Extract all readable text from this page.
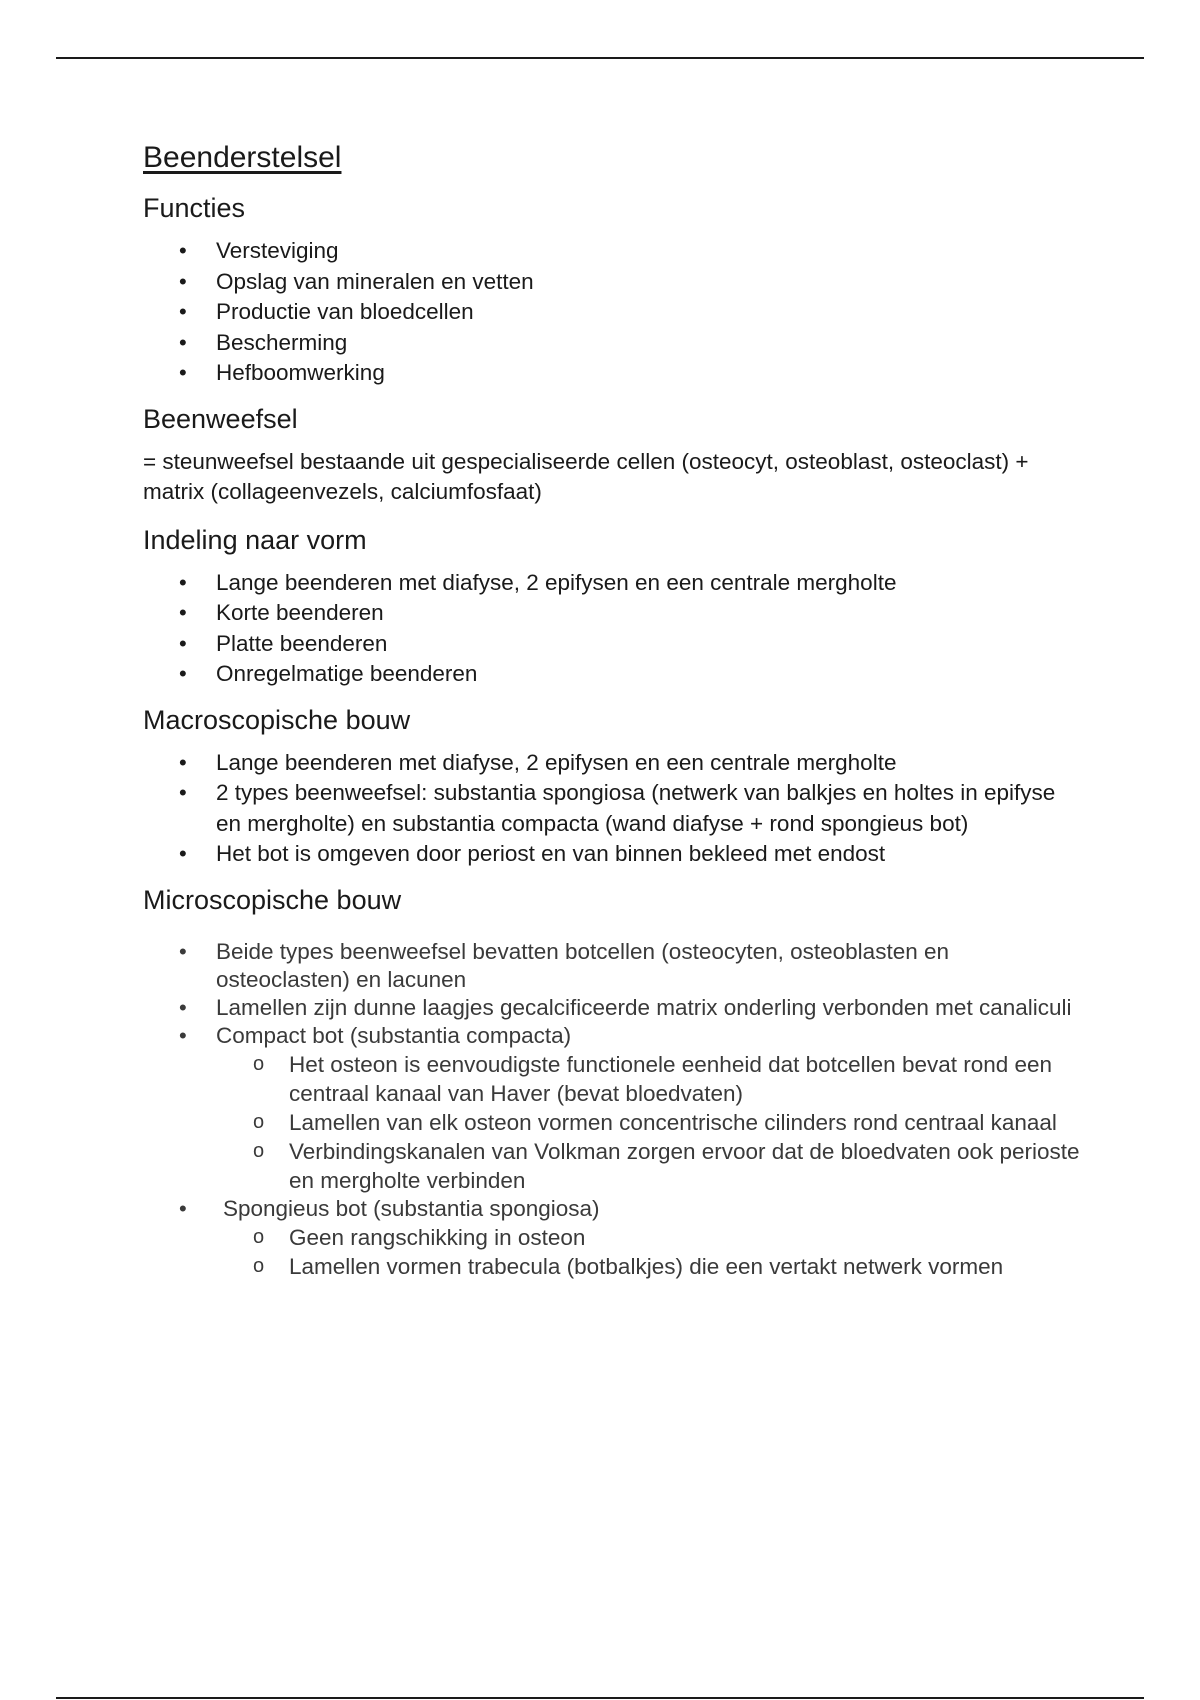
Beenderstelsel
Functies
• Versteviging
• Opslag van mineralen en vetten
• Productie van bloedcellen
• Bescherming
• Hefboomwerking
Beenweefsel

= steunweefsel bestaande uit gespecialiseerde cellen (osteocyt, osteoblast, osteoclast) + matrix (collageenvezels, calciumfosfaat)

Indeling naar vorm
• Lange beenderen met diafyse, 2 epifysen en een centrale mergholte
• Korte beenderen
• Platte beenderen
• Onregelmatige beenderen
Macroscopische bouw
• Lange beenderen met diafyse, 2 epifysen en een centrale mergholte
• 2 types beenweefsel: substantia spongiosa (netwerk van balkjes en holtes in epifyse en mergholte) en substantia compacta (wand diafyse + rond spongieus bot)
• Het bot is omgeven door periost en van binnen bekleed met endost
Microscopische bouw
• Beide types beenweefsel bevatten botcellen (osteocyten, osteoblasten en osteoclasten) en lacunen
• Lamellen zijn dunne laagjes gecalcificeerde matrix onderling verbonden met canaliculi
• Compact bot (substantia compacta)
o Het osteon is eenvoudigste functionele eenheid dat botcellen bevat rond een centraal kanaal van Haver (bevat bloedvaten)
o Lamellen van elk osteon vormen concentrische cilinders rond centraal kanaal
o Verbindingskanalen van Volkman zorgen ervoor dat de bloedvaten ook perioste en mergholte verbinden
• Spongieus bot (substantia spongiosa)
o Geen rangschikking in osteon
o Lamellen vormen trabecula (botbalkjes) die een vertakt netwerk vormen
